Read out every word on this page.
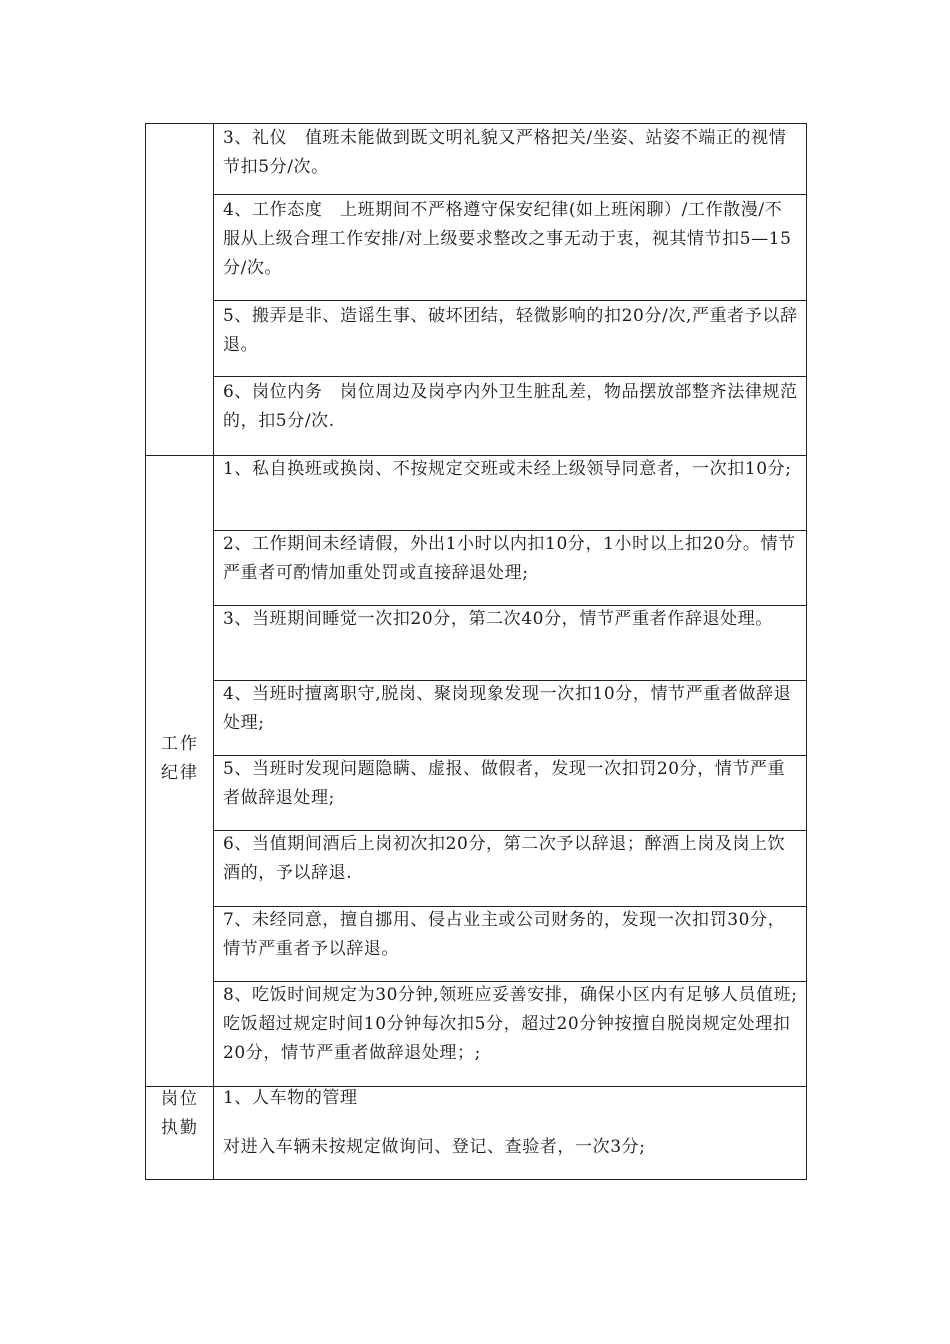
3、礼仪　值班未能做到既文明礼貌又严格把关/坐姿、站姿不端正的视情节扣5分/次。
4、工作态度　上班期间不严格遵守保安纪律(如上班闲聊）/工作散漫/不服从上级合理工作安排/对上级要求整改之事无动于衷，视其情节扣5—15分/次。
5、搬弄是非、造谣生事、破坏团结，轻微影响的扣20分/次,严重者予以辞退。
6、岗位内务　岗位周边及岗亭内外卫生脏乱差，物品摆放部整齐法律规范的，扣5分/次.
工作
纪律
1、私自换班或换岗、不按规定交班或未经上级领导同意者，一次扣10分;
2、工作期间未经请假，外出1小时以内扣10分，1小时以上扣20分。情节严重者可酌情加重处罚或直接辞退处理;
3、当班期间睡觉一次扣20分，第二次40分，情节严重者作辞退处理。
4、当班时擅离职守,脱岗、聚岗现象发现一次扣10分，情节严重者做辞退处理;
5、当班时发现问题隐瞒、虚报、做假者，发现一次扣罚20分，情节严重者做辞退处理;
6、当值期间酒后上岗初次扣20分，第二次予以辞退；醉酒上岗及岗上饮酒的，予以辞退.
7、未经同意，擅自挪用、侵占业主或公司财务的，发现一次扣罚30分，情节严重者予以辞退。
8、吃饭时间规定为30分钟,领班应妥善安排，确保小区内有足够人员值班;吃饭超过规定时间10分钟每次扣5分，超过20分钟按擅自脱岗规定处理扣20分，情节严重者做辞退处理；;
岗位
执勤
1、人车物的管理
对进入车辆未按规定做询问、登记、查验者，一次3分;
